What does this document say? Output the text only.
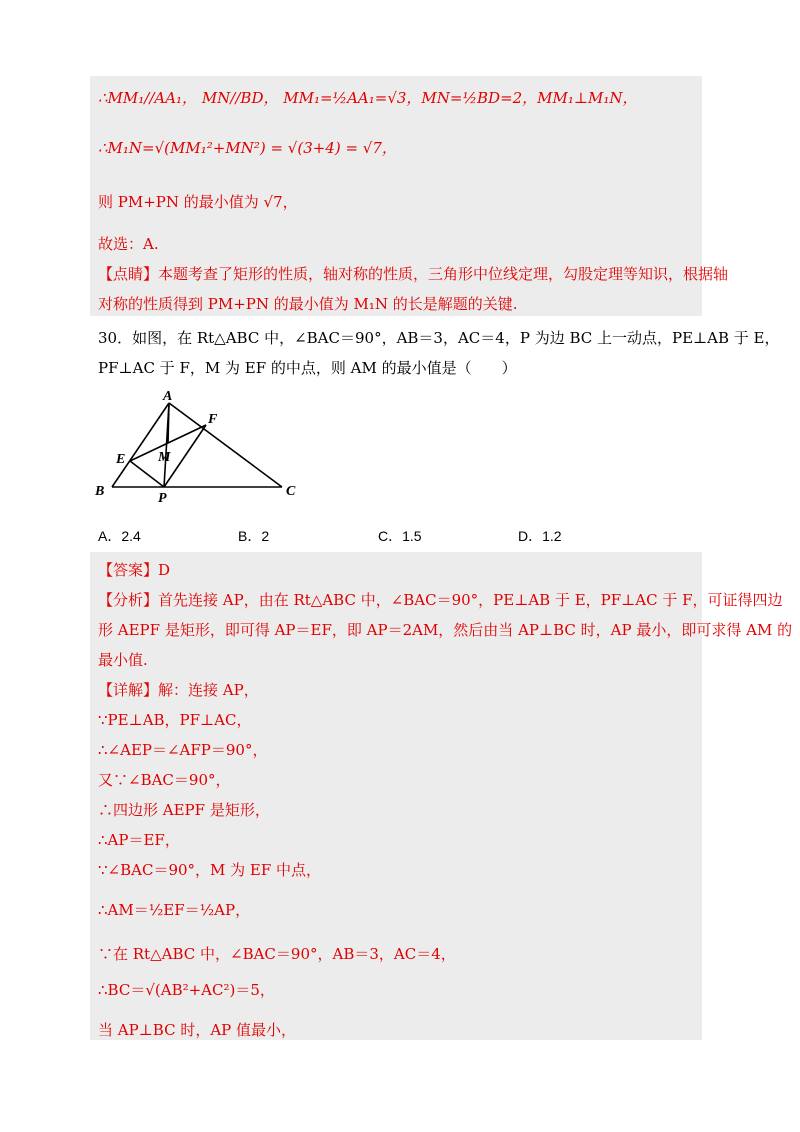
∴MM₁//AA₁， MN//BD， MM₁=½AA₁=√3，MN=½BD=2，MM₁⊥M₁N，
∴M₁N=√(MM₁²+MN²) = √(3+4) = √7，
则 PM+PN 的最小值为 √7，
故选：A.
【点睛】本题考查了矩形的性质，轴对称的性质，三角形中位线定理，勾股定理等知识，根据轴
对称的性质得到 PM+PN 的最小值为 M₁N 的长是解题的关键.
30．如图，在 Rt△ABC 中，∠BAC＝90°，AB＝3，AC＝4，P 为边 BC 上一动点，PE⊥AB 于 E，
PF⊥AC 于 F，M 为 EF 的中点，则 AM 的最小值是（　　）
A
B	C
E
F
M
P
A．2.4	B．2	C．1.5	D．1.2
【答案】D
【分析】首先连接 AP，由在 Rt△ABC 中，∠BAC＝90°，PE⊥AB 于 E，PF⊥AC 于 F，可证得四边
形 AEPF 是矩形，即可得 AP＝EF，即 AP＝2AM，然后由当 AP⊥BC 时，AP 最小，即可求得 AM 的
最小值.
【详解】解：连接 AP，
∵PE⊥AB，PF⊥AC，
∴∠AEP＝∠AFP＝90°，
又∵∠BAC＝90°，
∴四边形 AEPF 是矩形，
∴AP＝EF，
∵∠BAC＝90°，M 为 EF 中点，
∴AM＝½EF＝½AP，
∵在 Rt△ABC 中，∠BAC＝90°，AB＝3，AC＝4，
∴BC＝√(AB²+AC²)＝5，
当 AP⊥BC 时，AP 值最小，
